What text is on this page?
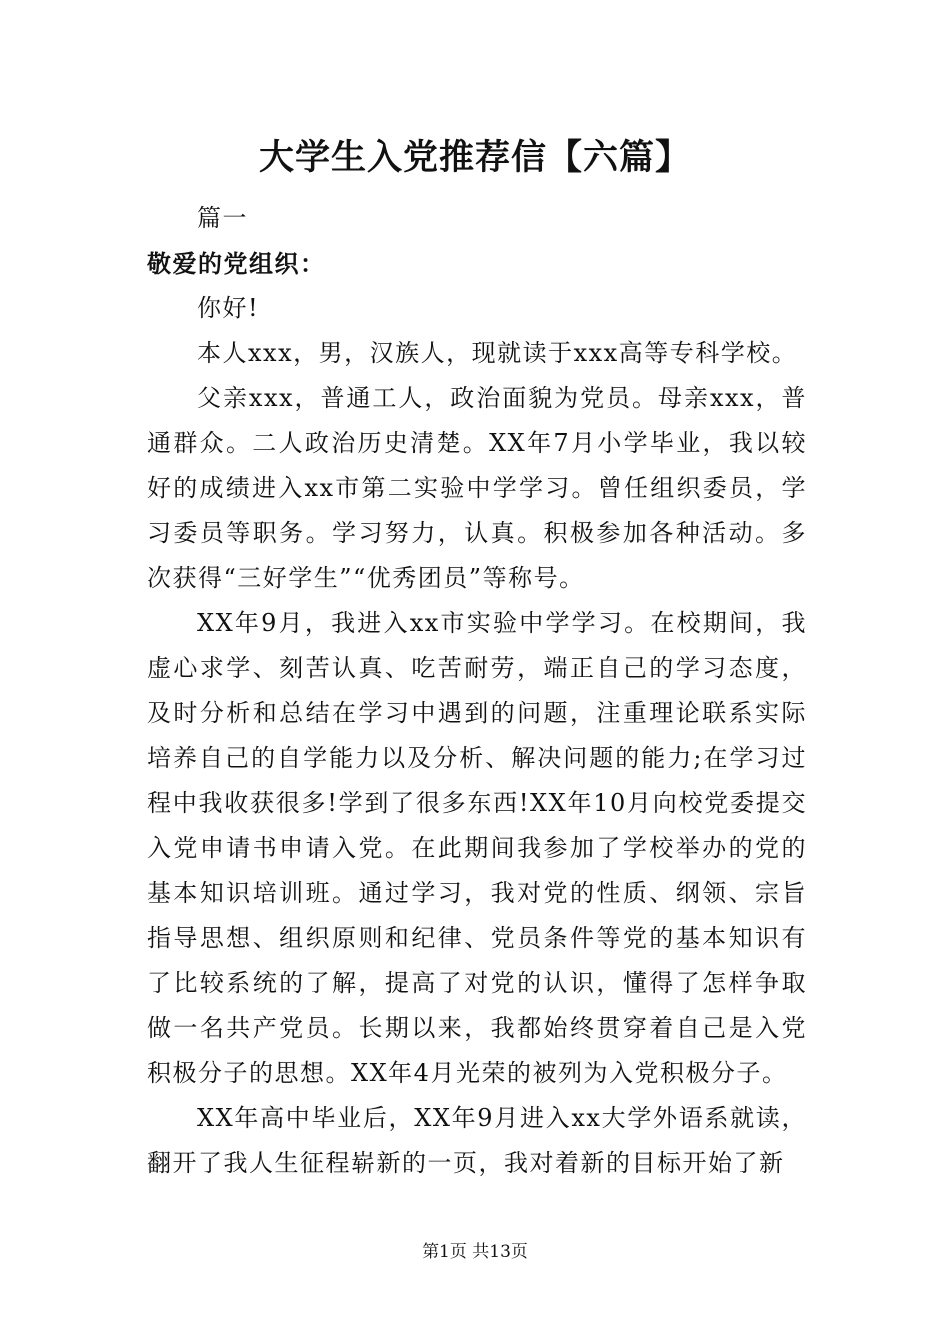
大学生入党推荐信【六篇】

篇一

敬爱的党组织：

你好!

本人xxx，男，汉族人，现就读于xxx高等专科学校。

父亲xxx，普通工人，政治面貌为党员。母亲xxx，普通群众。二人政治历史清楚。XX年7月小学毕业，我以较好的成绩进入xx市第二实验中学学习。曾任组织委员，学习委员等职务。学习努力，认真。积极参加各种活动。多次获得“三好学生”“优秀团员”等称号。

XX年9月，我进入xx市实验中学学习。在校期间，我虚心求学、刻苦认真、吃苦耐劳，端正自己的学习态度，及时分析和总结在学习中遇到的问题，注重理论联系实际培养自己的自学能力以及分析、解决问题的能力;在学习过程中我收获很多!学到了很多东西!XX年10月向校党委提交入党申请书申请入党。在此期间我参加了学校举办的党的基本知识培训班。通过学习，我对党的性质、纲领、宗旨指导思想、组织原则和纪律、党员条件等党的基本知识有了比较系统的了解，提高了对党的认识，懂得了怎样争取做一名共产党员。长期以来，我都始终贯穿着自己是入党积极分子的思想。XX年4月光荣的被列为入党积极分子。

XX年高中毕业后，XX年9月进入xx大学外语系就读，翻开了我人生征程崭新的一页，我对着新的目标开始了新

第1页 共13页
